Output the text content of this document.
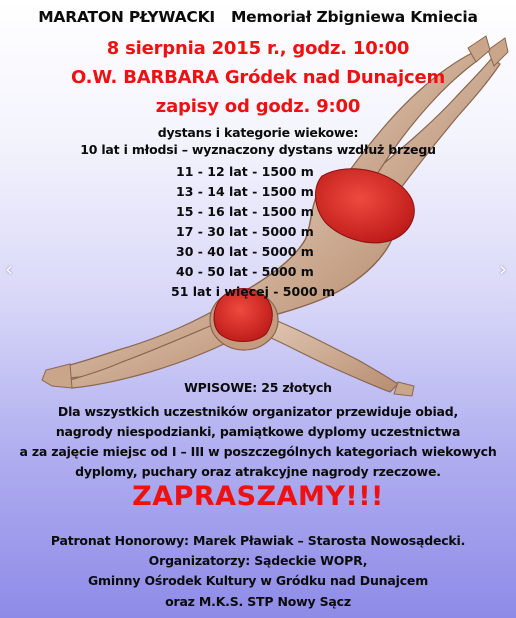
MARATON PŁYWACKI Memoriał Zbigniewa Kmiecia
8 sierpnia 2015 r., godz. 10:00
O.W. BARBARA Gródek nad Dunajcem
zapisy od godz. 9:00
dystans i kategorie wiekowe:
10 lat i młodsi – wyznaczony dystans wzdłuż brzegu
11 - 12 lat - 1500 m
13 - 14 lat - 1500 m
15 - 16 lat - 1500 m
17 - 30 lat - 5000 m
30 - 40 lat - 5000 m
40 - 50 lat - 5000 m
51 lat i więcej - 5000 m
WPISOWE: 25 złotych
Dla wszystkich uczestników organizator przewiduje obiad,
nagrody niespodzianki, pamiątkowe dyplomy uczestnictwa
a za zajęcie miejsc od I – III w poszczególnych kategoriach wiekowych
dyplomy, puchary oraz atrakcyjne nagrody rzeczowe.
ZAPRASZAMY!!!
Patronat Honorowy: Marek Pławiak – Starosta Nowosądecki.
Organizatorzy: Sądeckie WOPR,
Gminny Ośrodek Kultury w Gródku nad Dunajcem
oraz M.K.S. STP Nowy Sącz
‹	›
